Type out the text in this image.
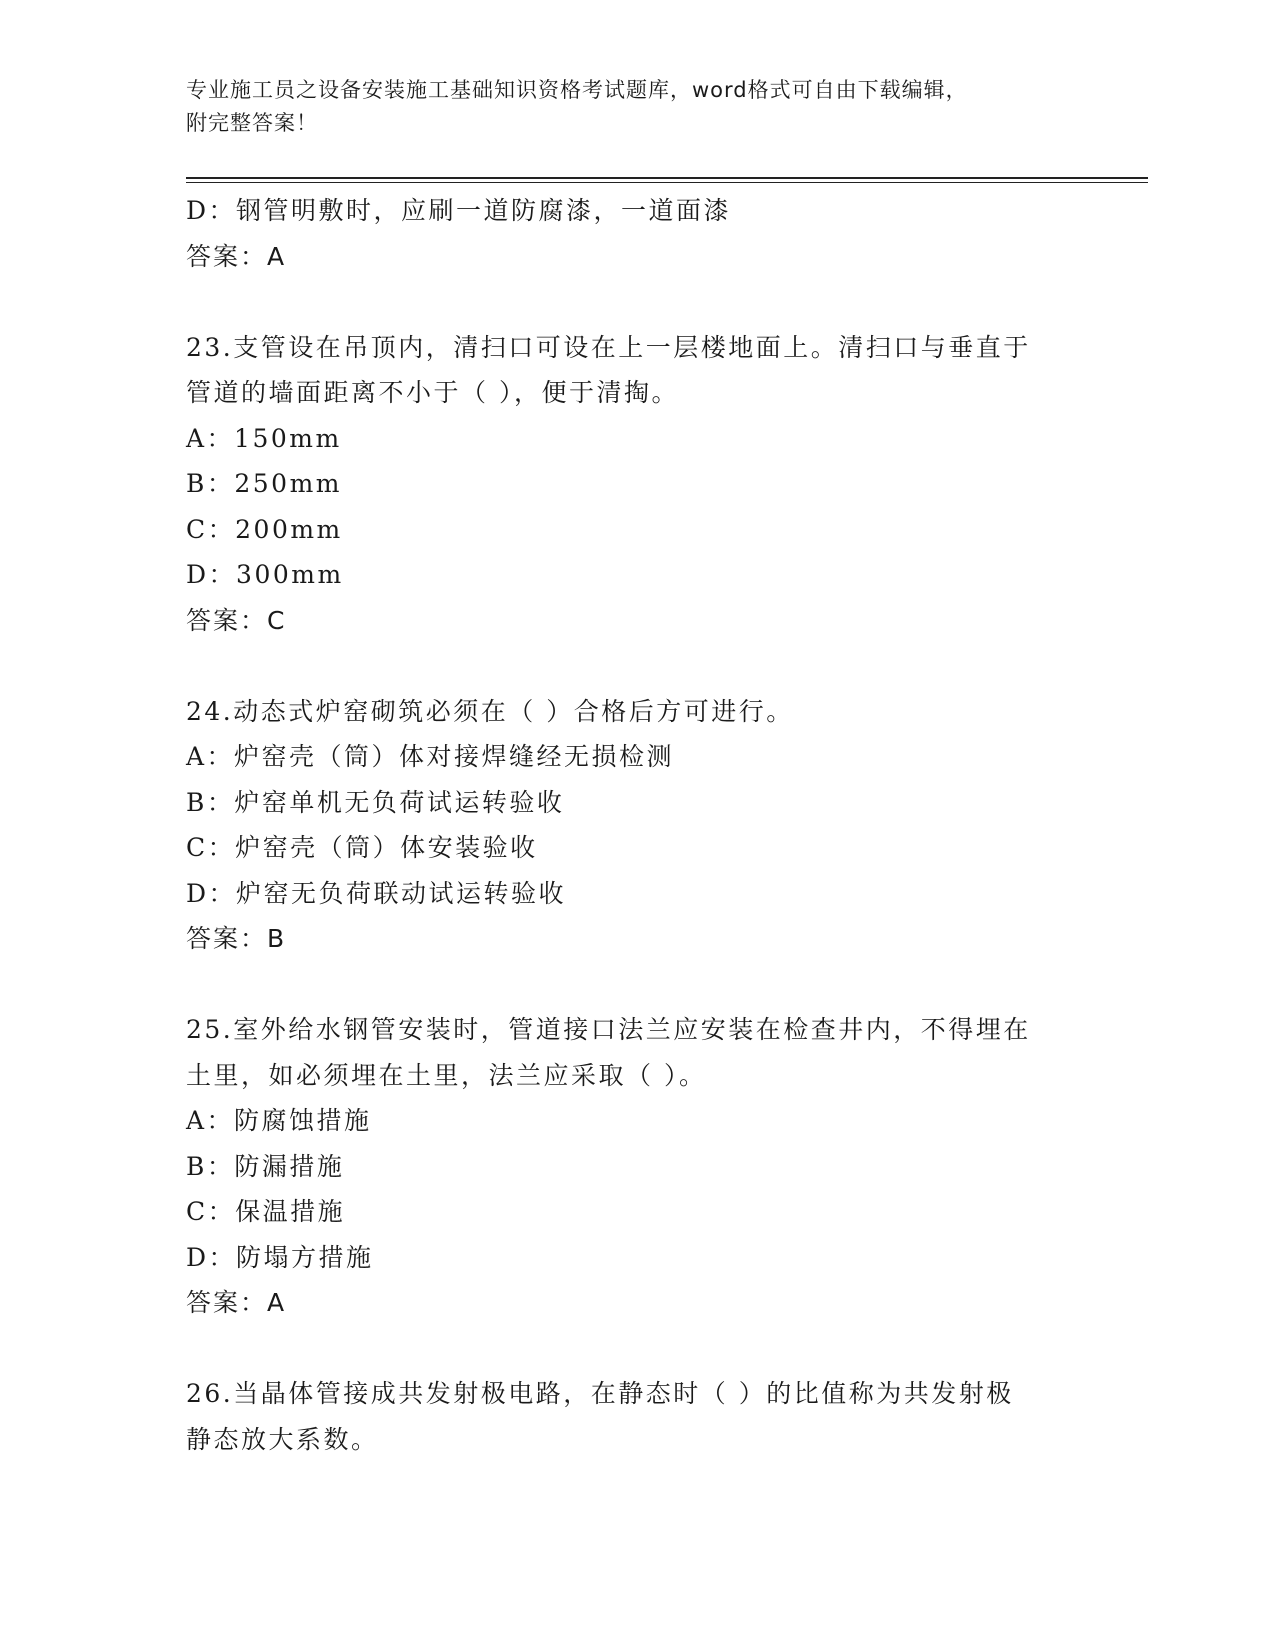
专业施工员之设备安装施工基础知识资格考试题库，word格式可自由下载编辑，
附完整答案！
D：钢管明敷时，应刷一道防腐漆，一道面漆
答案：A
23.支管设在吊顶内，清扫口可设在上一层楼地面上。清扫口与垂直于
管道的墙面距离不小于（ ），便于清掏。
A：150mm
B：250mm
C：200mm
D：300mm
答案：C
24.动态式炉窑砌筑必须在（ ）合格后方可进行。
A：炉窑壳（筒）体对接焊缝经无损检测
B：炉窑单机无负荷试运转验收
C：炉窑壳（筒）体安装验收
D：炉窑无负荷联动试运转验收
答案：B
25.室外给水钢管安装时，管道接口法兰应安装在检查井内，不得埋在
土里，如必须埋在土里，法兰应采取（ ）。
A：防腐蚀措施
B：防漏措施
C：保温措施
D：防塌方措施
答案：A
26.当晶体管接成共发射极电路，在静态时（ ）的比值称为共发射极
静态放大系数。
